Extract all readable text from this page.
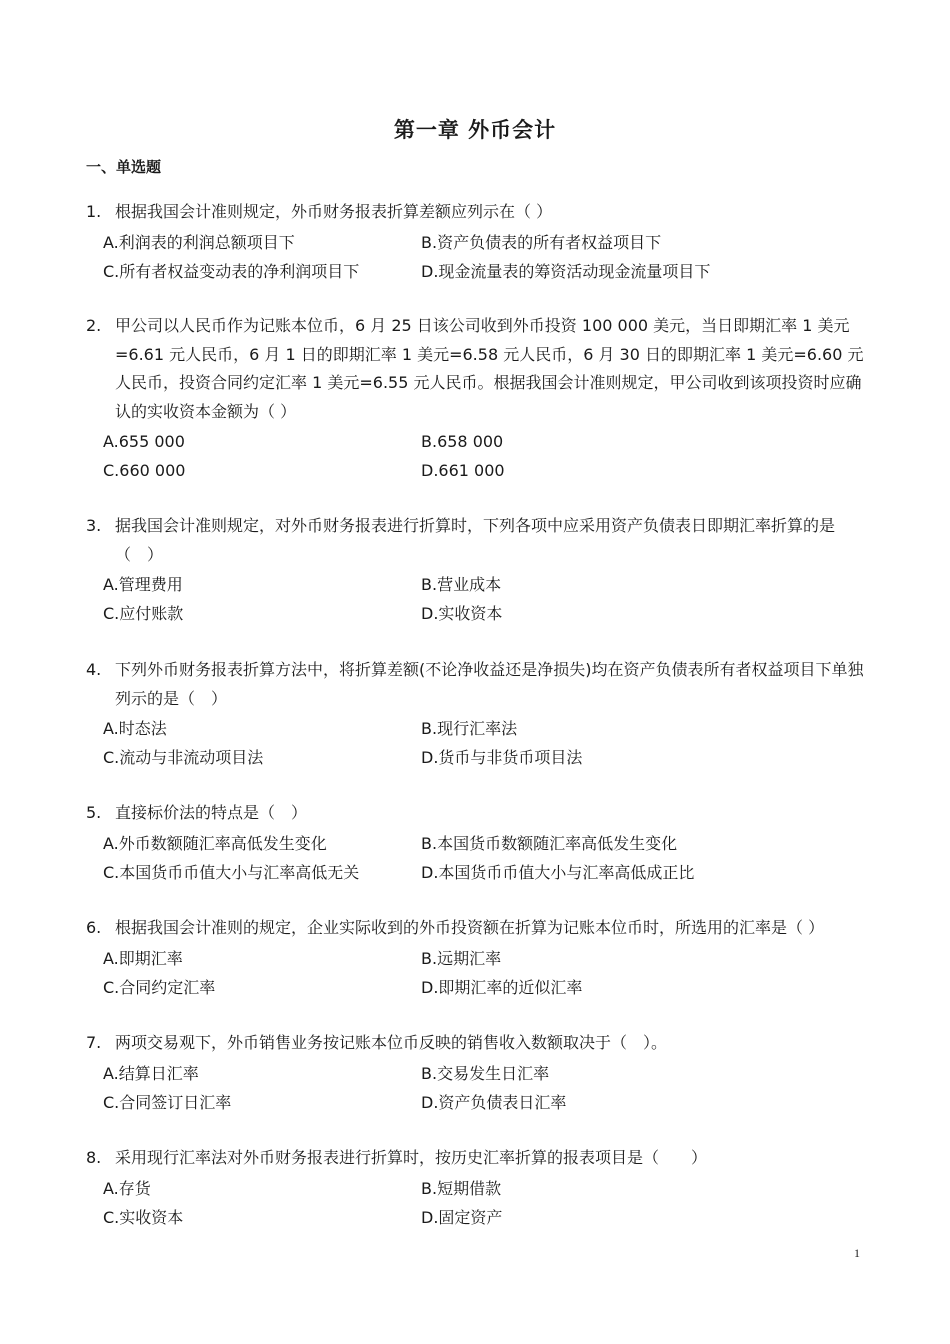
第一章 外币会计
一、单选题
1. 根据我国会计准则规定，外币财务报表折算差额应列示在（ ）
A.利润表的利润总额项目下	B.资产负债表的所有者权益项目下
C.所有者权益变动表的净利润项目下	D.现金流量表的筹资活动现金流量项目下
2. 甲公司以人民币作为记账本位币，6 月 25 日该公司收到外币投资 100 000 美元，当日即期汇率 1 美元=6.61 元人民币，6 月 1 日的即期汇率 1 美元=6.58 元人民币，6 月 30 日的即期汇率 1 美元=6.60 元人民币，投资合同约定汇率 1 美元=6.55 元人民币。根据我国会计准则规定，甲公司收到该项投资时应确认的实收资本金额为（ ）
A.655 000	B.658 000
C.660 000	D.661 000
3. 据我国会计准则规定，对外币财务报表进行折算时，下列各项中应采用资产负债表日即期汇率折算的是（　）
A.管理费用	B.营业成本
C.应付账款	D.实收资本
4. 下列外币财务报表折算方法中，将折算差额(不论净收益还是净损失)均在资产负债表所有者权益项目下单独列示的是（　）
A.时态法	B.现行汇率法
C.流动与非流动项目法	D.货币与非货币项目法
5. 直接标价法的特点是（　）
A.外币数额随汇率高低发生变化	B.本国货币数额随汇率高低发生变化
C.本国货币币值大小与汇率高低无关	D.本国货币币值大小与汇率高低成正比
6. 根据我国会计准则的规定，企业实际收到的外币投资额在折算为记账本位币时，所选用的汇率是（ ）
A.即期汇率	B.远期汇率
C.合同约定汇率	D.即期汇率的近似汇率
7. 两项交易观下，外币销售业务按记账本位币反映的销售收入数额取决于（　）。
A.结算日汇率	B.交易发生日汇率
C.合同签订日汇率	D.资产负债表日汇率
8. 采用现行汇率法对外币财务报表进行折算时，按历史汇率折算的报表项目是（　　）
A.存货	B.短期借款
C.实收资本	D.固定资产
1
